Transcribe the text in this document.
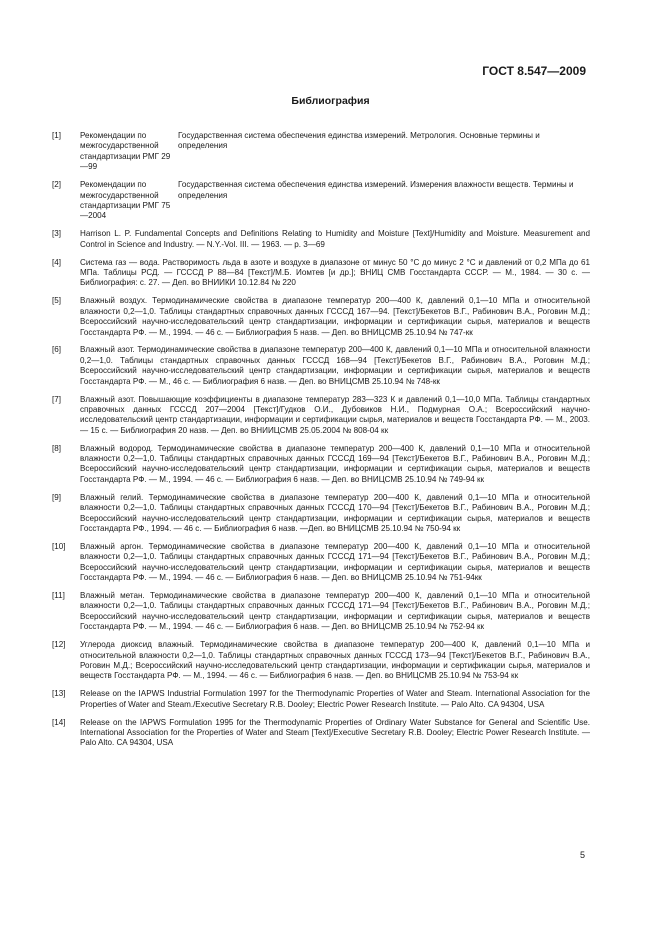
ГОСТ 8.547—2009
Библиография
[1] Рекомендации по межгосударственной стандартизации РМГ 29—99
Государственная система обеспечения единства измерений. Метрология. Основные термины и определения
[2] Рекомендации по межгосударственной стандартизации РМГ 75—2004
Государственная система обеспечения единства измерений. Измерения влажности веществ. Термины и определения
[3] Harrison L. P. Fundamental Concepts and Definitions Relating to Humidity and Moisture [Text]/Humidity and Moisture. Measurement and Control in Science and Industry. — N.Y.-Vol. III. — 1963. — p. 3—69
[4] Система газ — вода. Растворимость льда в азоте и воздухе в диапазоне от минус 50 °С до минус 2 °С и давлений от 0,2 МПа до 61 МПа. Таблицы РСД. — ГСССД Р 88—84 [Текст]/М.Б. Иомтев [и др.]; ВНИЦ СМВ Госстандарта СССР. — М., 1984. — 30 с. — Библиография: с. 27. — Деп. во ВНИИКИ 10.12.84 № 220
[5] Влажный воздух. Термодинамические свойства в диапазоне температур 200—400 К, давлений 0,1—10 МПа и относительной влажности 0,2—1,0. Таблицы стандартных справочных данных ГСССД 167—94. [Текст]/Бекетов В.Г., Рабинович В.А., Роговин М.Д.; Всероссийский научно-исследовательский центр стандартизации, информации и сертификации сырья, материалов и веществ Госстандарта РФ. — М., 1994. — 46 с. — Библиография 5 назв. — Деп. во ВНИЦСМВ 25.10.94 № 747-кк
[6] Влажный азот. Термодинамические свойства в диапазоне температур 200—400 К, давлений 0,1—10 МПа и относительной влажности 0,2—1,0. Таблицы стандартных справочных данных ГСССД 168—94 [Текст]/Бекетов В.Г., Рабинович В.А., Роговин М.Д.; Всероссийский научно-исследовательский центр стандартизации, информации и сертификации сырья, материалов и веществ Госстандарта РФ. — М., 46 с. — Библиография 6 назв. — Деп. во ВНИЦСМВ 25.10.94 № 748-кк
[7] Влажный азот. Повышающие коэффициенты в диапазоне температур 283—323 К и давлений 0,1—10,0 МПа. Таблицы стандартных справочных данных ГСССД 207—2004 [Текст]/Гудков О.И., Дубовиков Н.И., Подмурная О.А.; Всероссийский научно-исследовательский центр стандартизации, информации и сертификации сырья, материалов и веществ Госстандарта РФ. — М., 2003. — 15 с. — Библиография 20 назв. — Деп. во ВНИИЦСМВ 25.05.2004 № 808-04 кк
[8] Влажный водород. Термодинамические свойства в диапазоне температур 200—400 К, давлений 0,1—10 МПа и относительной влажности 0,2—1,0. Таблицы стандартных справочных данных ГСССД 169—94 [Текст]/Бекетов В.Г., Рабинович В.А., Роговин М.Д.; Всероссийский научно-исследовательский центр стандартизации, информации и сертификации сырья, материалов и веществ Госстандарта РФ. — М., 1994. — 46 с. — Библиография 6 назв. — Деп. во ВНИЦСМВ 25.10.94 № 749-94 кк
[9] Влажный гелий. Термодинамические свойства в диапазоне температур 200—400 К, давлений 0,1—10 МПа и относительной влажности 0,2—1,0. Таблицы стандартных справочных данных ГСССД 170—94 [Текст]/Бекетов В.Г., Рабинович В.А., Роговин М.Д.; Всероссийский научно-исследовательский центр стандартизации, информации и сертификации сырья, материалов и веществ Госстандарта РФ., 1994. — 46 с. — Библиография 6 назв. —Деп. во ВНИЦСМВ 25.10.94 № 750-94 кк
[10] Влажный аргон. Термодинамические свойства в диапазоне температур 200—400 К, давлений 0,1—10 МПа и относительной влажности 0,2—1,0. Таблицы стандартных справочных данных ГСССД 171—94 [Текст]/Бекетов В.Г., Рабинович В.А., Роговин М.Д.; Всероссийский научно-исследовательский центр стандартизации, информации и сертификации сырья, материалов и веществ Госстандарта РФ. — М., 1994. — 46 с. — Библиография 6 назв. — Деп. во ВНИЦСМВ 25.10.94 № 751-94кк
[11] Влажный метан. Термодинамические свойства в диапазоне температур 200—400 К, давлений 0,1—10 МПа и относительной влажности 0,2—1,0. Таблицы стандартных справочных данных ГСССД 171—94 [Текст]/Бекетов В.Г., Рабинович В.А., Роговин М.Д.; Всероссийский научно-исследовательский центр стандартизации, информации и сертификации сырья, материалов и веществ Госстандарта РФ. — М., 1994. — 46 с. — Библиография 6 назв. — Деп. во ВНИЦСМВ 25.10.94 № 752-94 кк
[12] Углерода диоксид влажный. Термодинамические свойства в диапазоне температур 200—400 К, давлений 0,1—10 МПа и относительной влажности 0,2—1,0. Таблицы стандартных справочных данных ГСССД 173—94 [Текст]/Бекетов В.Г., Рабинович В.А., Роговин М.Д.; Всероссийский научно-исследовательский центр стандартизации, информации и сертификации сырья, материалов и веществ Госстандарта РФ. — М., 1994. — 46 с. — Библиография 6 назв. — Деп. во ВНИЦСМВ 25.10.94 № 753-94 кк
[13] Release on the IAPWS Industrial Formulation 1997 for the Thermodynamic Properties of Water and Steam. International Association for the Properties of Water and Steam./Executive Secretary R.B. Dooley; Electric Power Research Institute. — Palo Alto. CA 94304, USA
[14] Release on the IAPWS Formulation 1995 for the Thermodynamic Properties of Ordinary Water Substance for General and Scientific Use. International Association for the Properties of Water and Steam [Text]/Executive Secretary R.B. Dooley; Electric Power Research Institute. — Palo Alto. CA 94304, USA
5
